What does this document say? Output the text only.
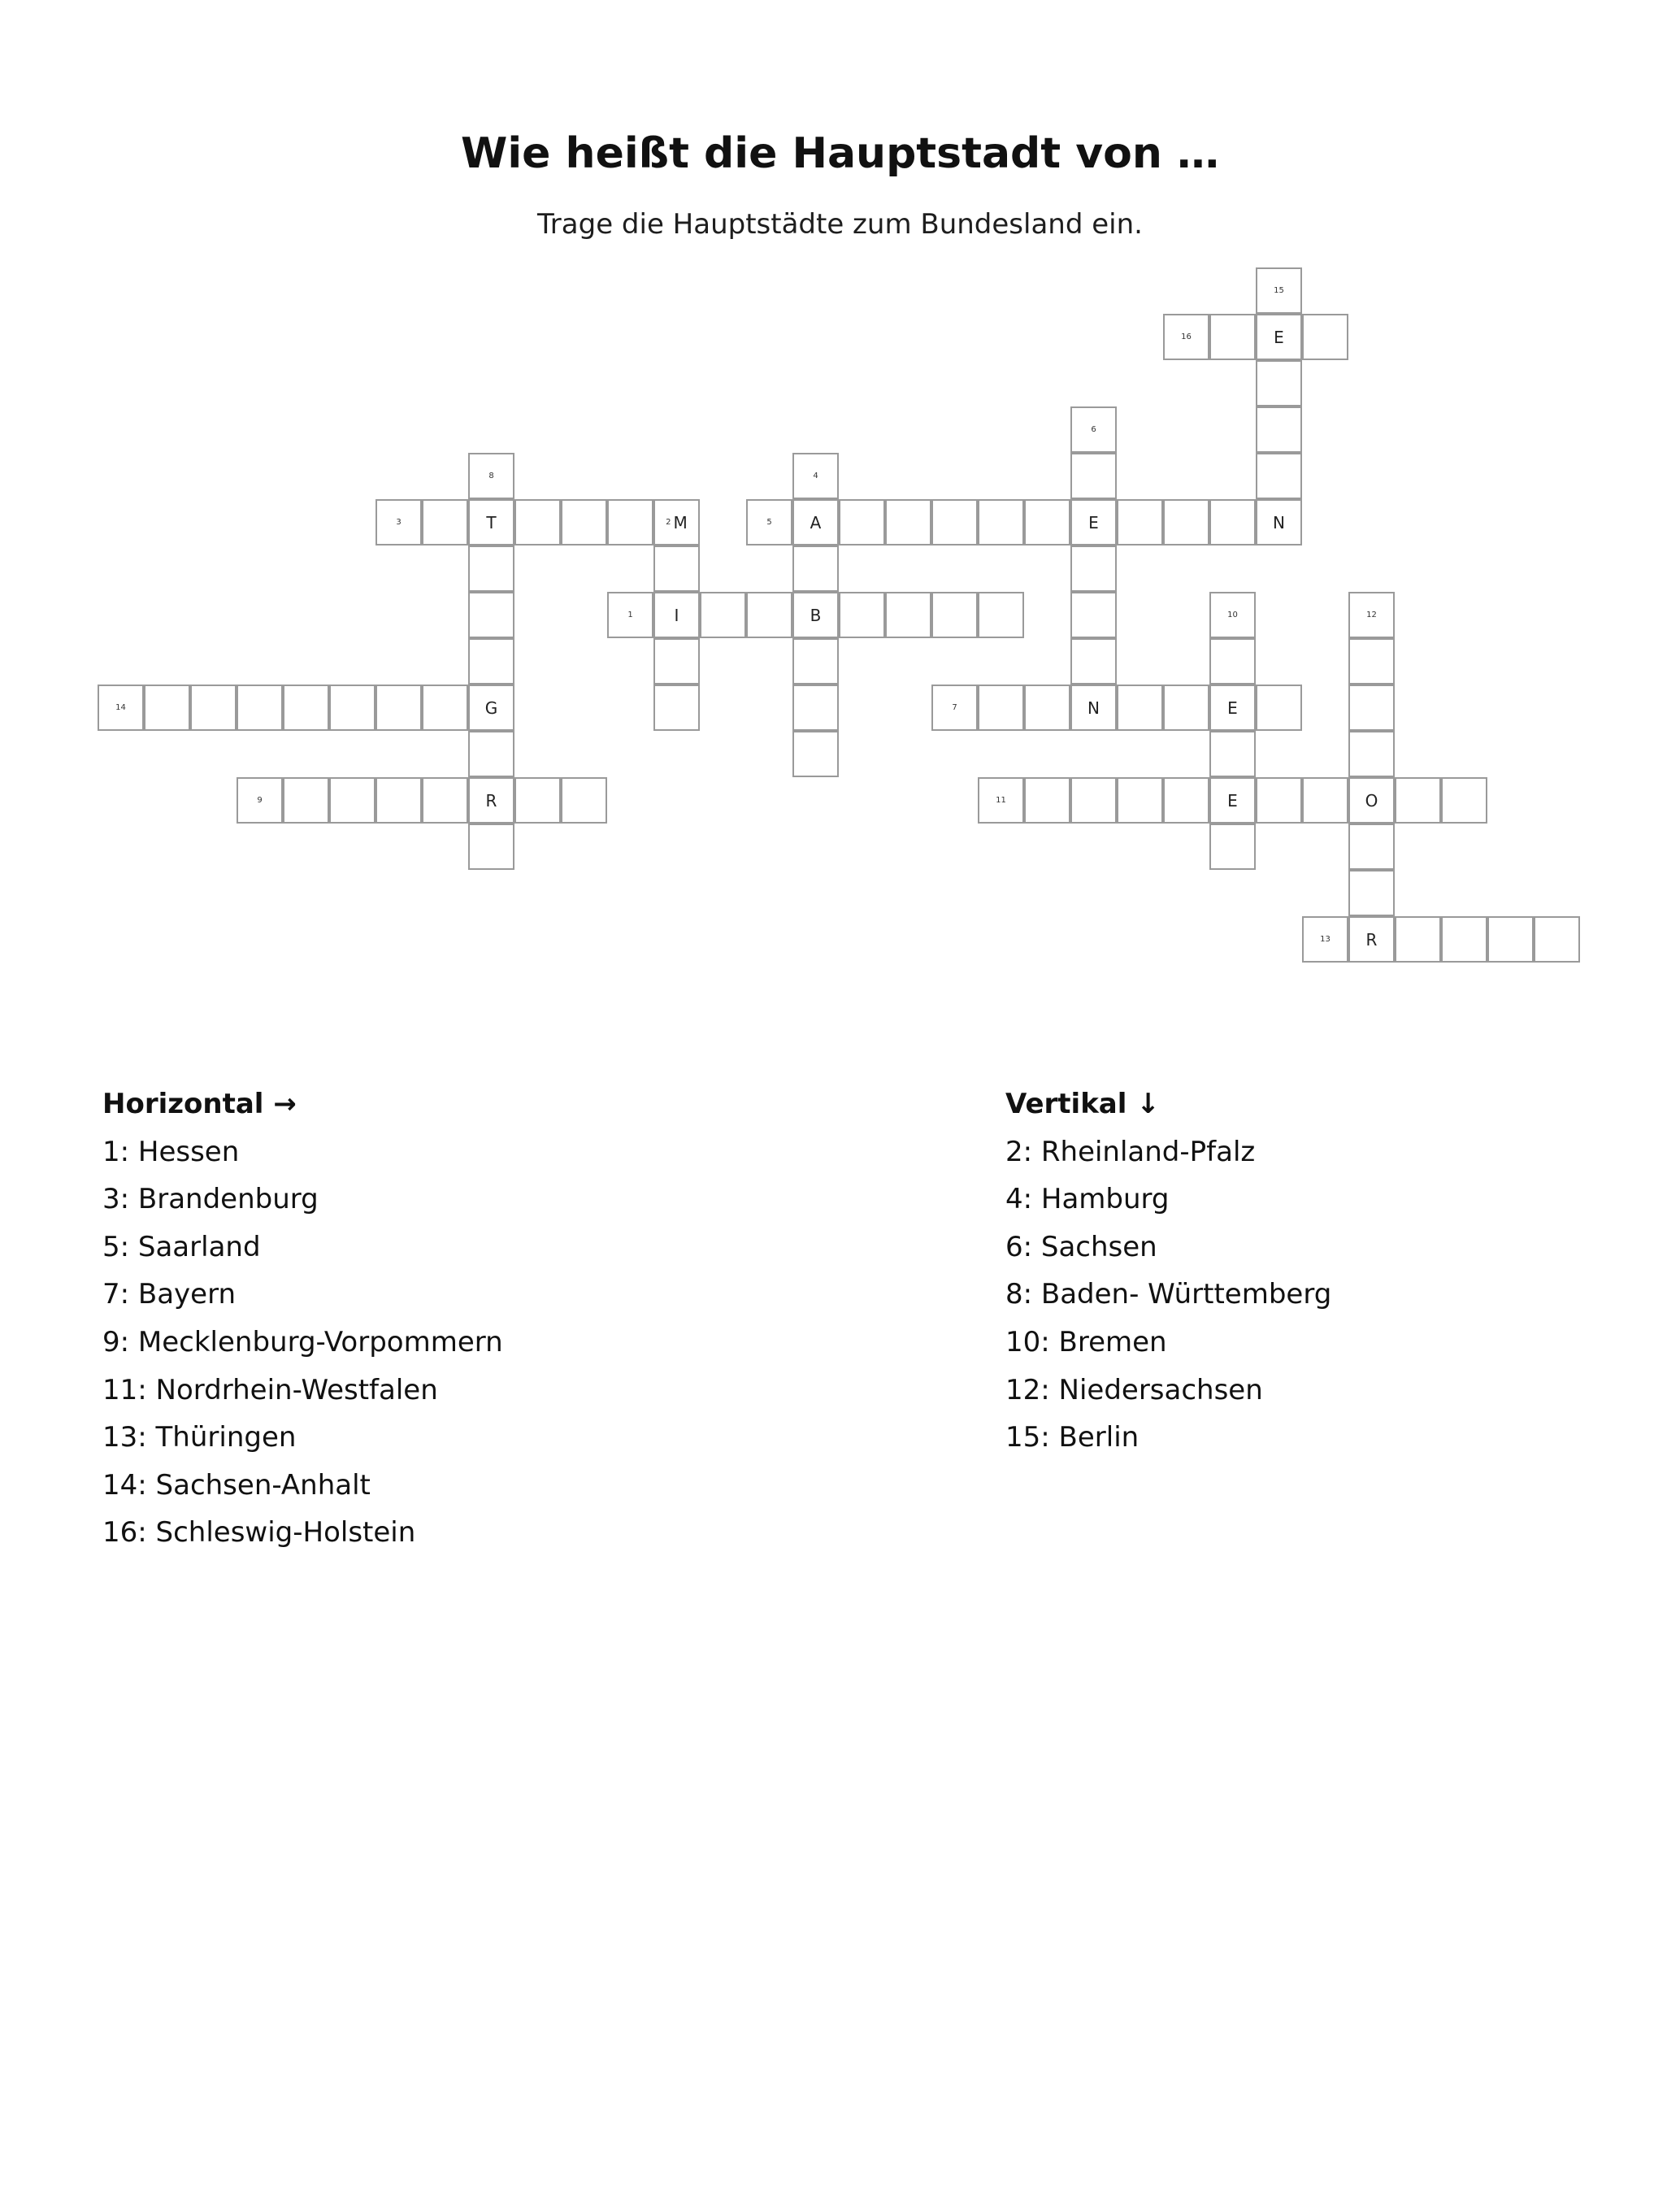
Wie heißt die Hauptstadt von …
Trage die Hauptstädte zum Bundesland ein.
15
16	E
6
8	4
3	T	2 M	5 A	E	N
1	I	B	10	12
14	G	7	N	E
9	R	11	E	O
13 R
Horizontal →
1: Hessen
3: Brandenburg
5: Saarland
7: Bayern
9: Mecklenburg-Vorpommern
11: Nordrhein-Westfalen
13: Thüringen
14: Sachsen-Anhalt
16: Schleswig-Holstein
Vertikal ↓
2: Rheinland-Pfalz
4: Hamburg
6: Sachsen
8: Baden- Württemberg
10: Bremen
12: Niedersachsen
15: Berlin
